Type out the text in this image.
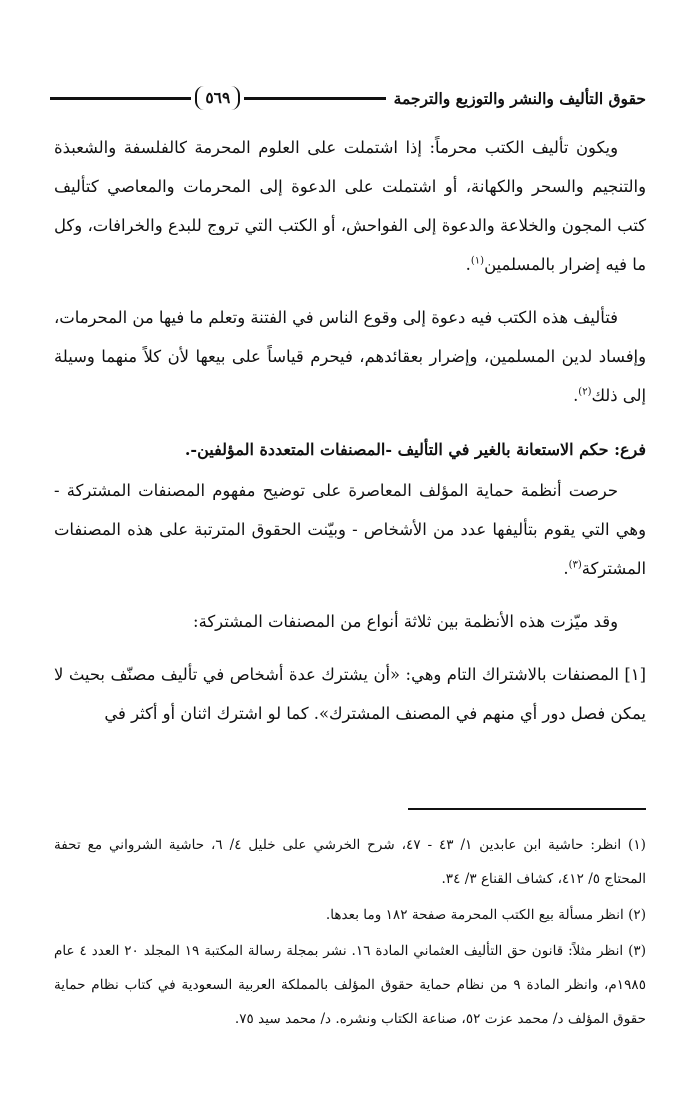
حقوق التأليف والنشر والتوزيع والترجمة
٥٦٩

ويكون تأليف الكتب محرماً: إذا اشتملت على العلوم المحرمة كالفلسفة والشعبذة والتنجيم والسحر والكهانة، أو اشتملت على الدعوة إلى المحرمات والمعاصي كتأليف كتب المجون والخلاعة والدعوة إلى الفواحش، أو الكتب التي تروج للبدع والخرافات، وكل ما فيه إضرار بالمسلمين$^{(١)}$.

فتأليف هذه الكتب فيه دعوة إلى وقوع الناس في الفتنة وتعلم ما فيها من المحرمات، وإفساد لدين المسلمين، وإضرار بعقائدهم، فيحرم قياساً على بيعها لأن كلاً منهما وسيلة إلى ذلك$^{(٢)}$.

فرع: حكم الاستعانة بالغير في التأليف -المصنفات المتعددة المؤلفين-.

حرصت أنظمة حماية المؤلف المعاصرة على توضيح مفهوم المصنفات المشتركة - وهي التي يقوم بتأليفها عدد من الأشخاص - وبيّنت الحقوق المترتبة على هذه المصنفات المشتركة$^{(٣)}$.

وقد ميّزت هذه الأنظمة بين ثلاثة أنواع من المصنفات المشتركة:

[١] المصنفات بالاشتراك التام وهي: «أن يشترك عدة أشخاص في تأليف مصنّف بحيث لا يمكن فصل دور أي منهم في المصنف المشترك». كما لو اشترك اثنان أو أكثر في

(١) انظر: حاشية ابن عابدين ١/ ٤٣ - ٤٧، شرح الخرشي على خليل ٤/ ٦، حاشية الشرواني مع تحفة المحتاج ٥/ ٤١٢، كشاف القناع ٣/ ٣٤.

(٢) انظر مسألة بيع الكتب المحرمة صفحة ١٨٢ وما بعدها.

(٣) انظر مثلاً: قانون حق التأليف العثماني المادة ١٦. نشر بمجلة رسالة المكتبة ١٩ المجلد ٢٠ العدد ٤ عام ١٩٨٥م، وانظر المادة ٩ من نظام حماية حقوق المؤلف بالمملكة العربية السعودية في كتاب نظام حماية حقوق المؤلف د/ محمد عزت ٥٢، صناعة الكتاب ونشره. د/ محمد سيد ٧٥.
